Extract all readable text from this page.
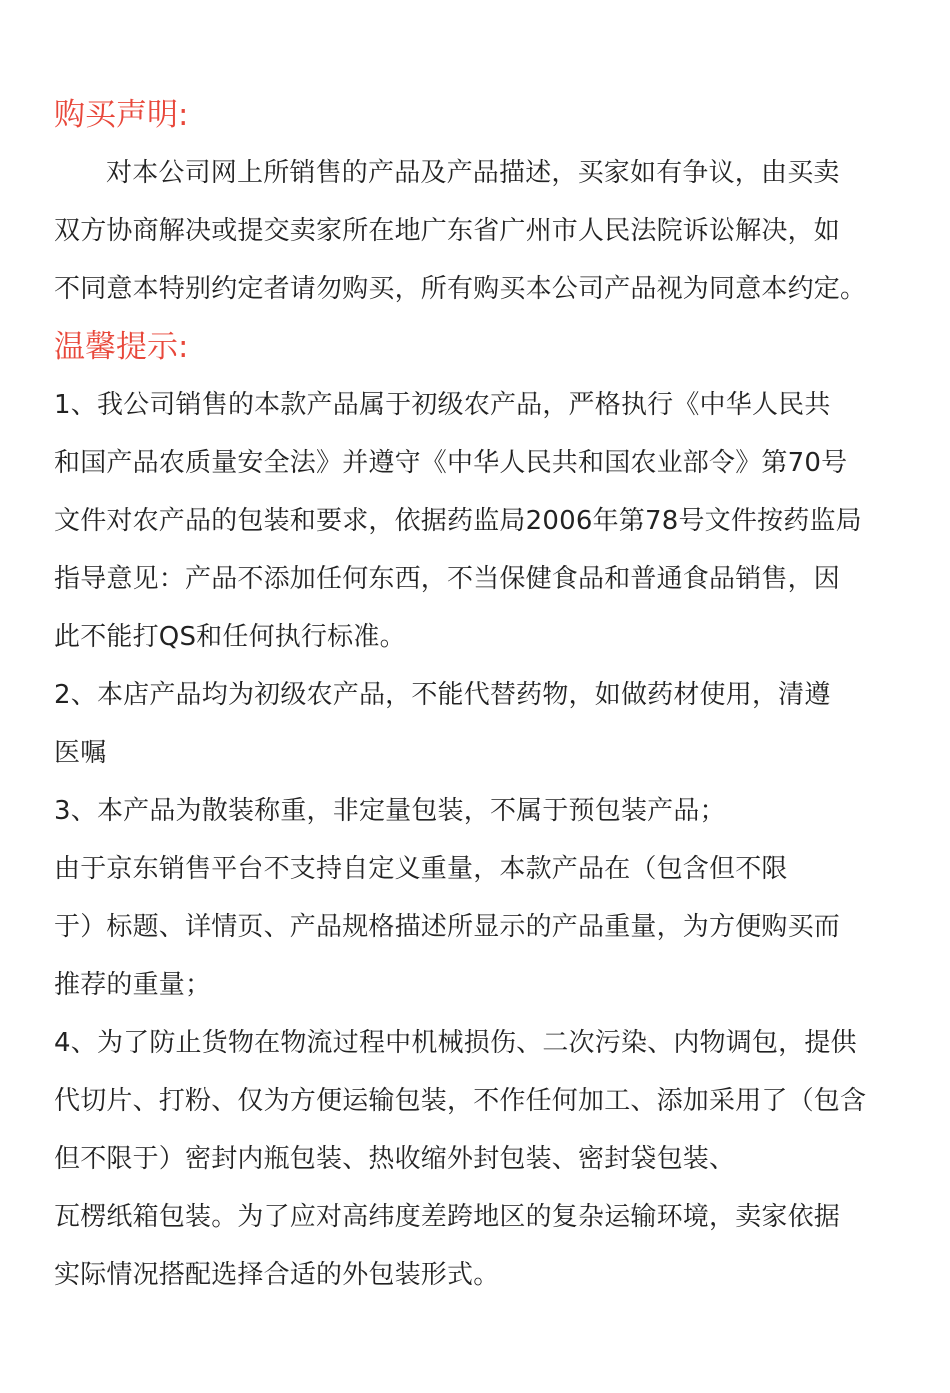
购买声明:

对本公司网上所销售的产品及产品描述，买家如有争议，由买卖

双方协商解决或提交卖家所在地广东省广州市人民法院诉讼解决，如

不同意本特别约定者请勿购买，所有购买本公司产品视为同意本约定。

温馨提示:

1、我公司销售的本款产品属于初级农产品，严格执行《中华人民共

和国产品农质量安全法》并遵守《中华人民共和国农业部令》第70号

文件对农产品的包装和要求，依据药监局2006年第78号文件按药监局

指导意见：产品不添加任何东西，不当保健食品和普通食品销售，因

此不能打QS和任何执行标准。

2、本店产品均为初级农产品，不能代替药物，如做药材使用，清遵

医嘱

3、本产品为散装称重，非定量包装，不属于预包装产品；

由于京东销售平台不支持自定义重量，本款产品在（包含但不限

于）标题、详情页、产品规格描述所显示的产品重量，为方便购买而

推荐的重量；

4、为了防止货物在物流过程中机械损伤、二次污染、内物调包，提供

代切片、打粉、仅为方便运输包装，不作任何加工、添加采用了（包含

但不限于）密封内瓶包装、热收缩外封包装、密封袋包装、

瓦楞纸箱包装。为了应对高纬度差跨地区的复杂运输环境，卖家依据

实际情况搭配选择合适的外包装形式。
